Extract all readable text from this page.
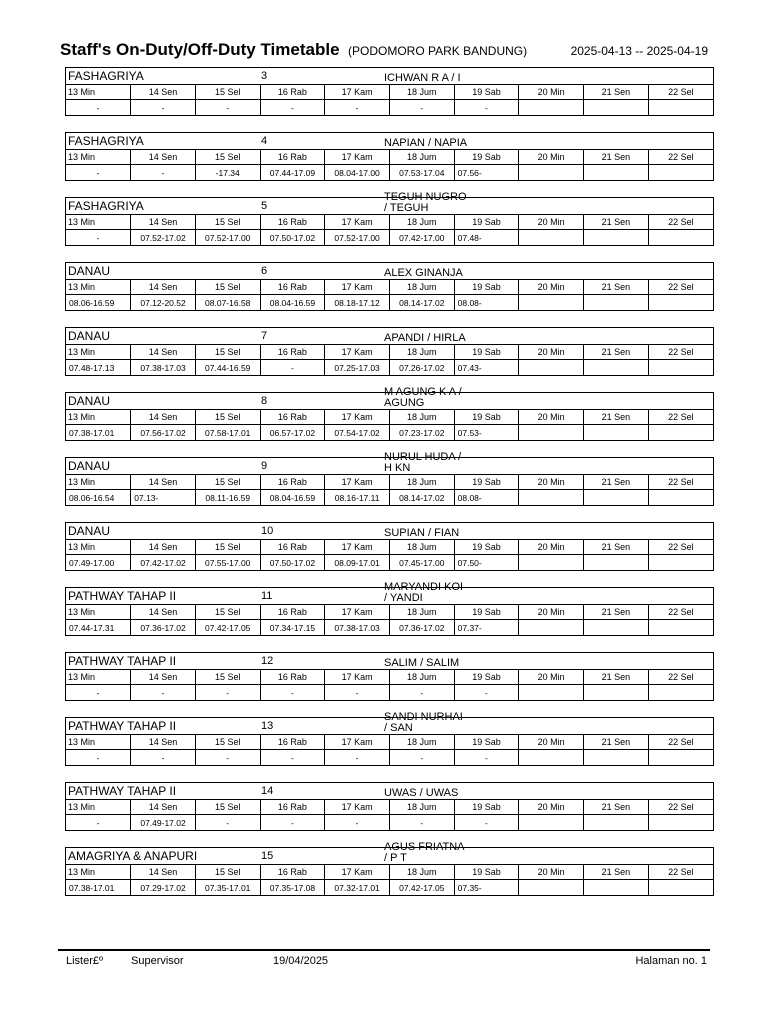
Staff's On-Duty/Off-Duty Timetable (PODOMORO PARK BANDUNG)	2025-04-13 -- 2025-04-19
FASHAGRIYA	3	ICHWAN R A / I
13 Min	14 Sen	15 Sel	16 Rab	17 Kam	18 Jum	19 Sab	20 Min	21 Sen	22 Sel
-	-	-	-	-	-	-			
FASHAGRIYA	4	NAPIAN / NAPIA
13 Min	14 Sen	15 Sel	16 Rab	17 Kam	18 Jum	19 Sab	20 Min	21 Sen	22 Sel
-	-	-17.34	07.44-17.09	08.04-17.00	07.53-17.04	07.56-			
FASHAGRIYA	5
TEGUH NUGRO / TEGUH
13 Min	14 Sen	15 Sel	16 Rab	17 Kam	18 Jum	19 Sab	20 Min	21 Sen	22 Sel
-	07.52-17.02	07.52-17.00	07.50-17.02	07.52-17.00	07.42-17.00	07.48-			
DANAU	6	ALEX GINANJA
13 Min	14 Sen	15 Sel	16 Rab	17 Kam	18 Jum	19 Sab	20 Min	21 Sen	22 Sel
08.06-16.59	07.12-20.52	08.07-16.58	08.04-16.59	08.18-17.12	08.14-17.02	08.08-			
DANAU	7	APANDI / HIRLA
13 Min	14 Sen	15 Sel	16 Rab	17 Kam	18 Jum	19 Sab	20 Min	21 Sen	22 Sel
07.48-17.13	07.38-17.03	07.44-16.59	-	07.25-17.03	07.26-17.02	07.43-			
DANAU	8
M AGUNG K A / AGUNG
13 Min	14 Sen	15 Sel	16 Rab	17 Kam	18 Jum	19 Sab	20 Min	21 Sen	22 Sel
07.38-17.01	07.56-17.02	07.58-17.01	06.57-17.02	07.54-17.02	07.23-17.02	07.53-			
DANAU	9
NURUL HUDA / H KN
13 Min	14 Sen	15 Sel	16 Rab	17 Kam	18 Jum	19 Sab	20 Min	21 Sen	22 Sel
08.06-16.54	07.13-	08.11-16.59	08.04-16.59	08.16-17.11	08.14-17.02	08.08-			
DANAU	10	SUPIAN / FIAN
13 Min	14 Sen	15 Sel	16 Rab	17 Kam	18 Jum	19 Sab	20 Min	21 Sen	22 Sel
07.49-17.00	07.42-17.02	07.55-17.00	07.50-17.02	08.09-17.01	07.45-17.00	07.50-			
PATHWAY TAHAP II	11
MARYANDI KOI / YANDI
13 Min	14 Sen	15 Sel	16 Rab	17 Kam	18 Jum	19 Sab	20 Min	21 Sen	22 Sel
07.44-17.31	07.36-17.02	07.42-17.05	07.34-17.15	07.38-17.03	07.36-17.02	07.37-			
PATHWAY TAHAP II	12	SALIM / SALIM
13 Min	14 Sen	15 Sel	16 Rab	17 Kam	18 Jum	19 Sab	20 Min	21 Sen	22 Sel
-	-	-	-	-	-	-			
PATHWAY TAHAP II	13
SANDI NURHAI / SAN
13 Min	14 Sen	15 Sel	16 Rab	17 Kam	18 Jum	19 Sab	20 Min	21 Sen	22 Sel
-	-	-	-	-	-	-			
PATHWAY TAHAP II	14	UWAS / UWAS
13 Min	14 Sen	15 Sel	16 Rab	17 Kam	18 Jum	19 Sab	20 Min	21 Sen	22 Sel
-	07.49-17.02	-	-	-	-	-			
AMAGRIYA & ANAPURI	15
AGUS FRIATNA / P T
13 Min	14 Sen	15 Sel	16 Rab	17 Kam	18 Jum	19 Sab	20 Min	21 Sen	22 Sel
07.38-17.01	07.29-17.02	07.35-17.01	07.35-17.08	07.32-17.01	07.42-17.05	07.35-			
Lister£º	Supervisor	19/04/2025	Halaman no. 1
